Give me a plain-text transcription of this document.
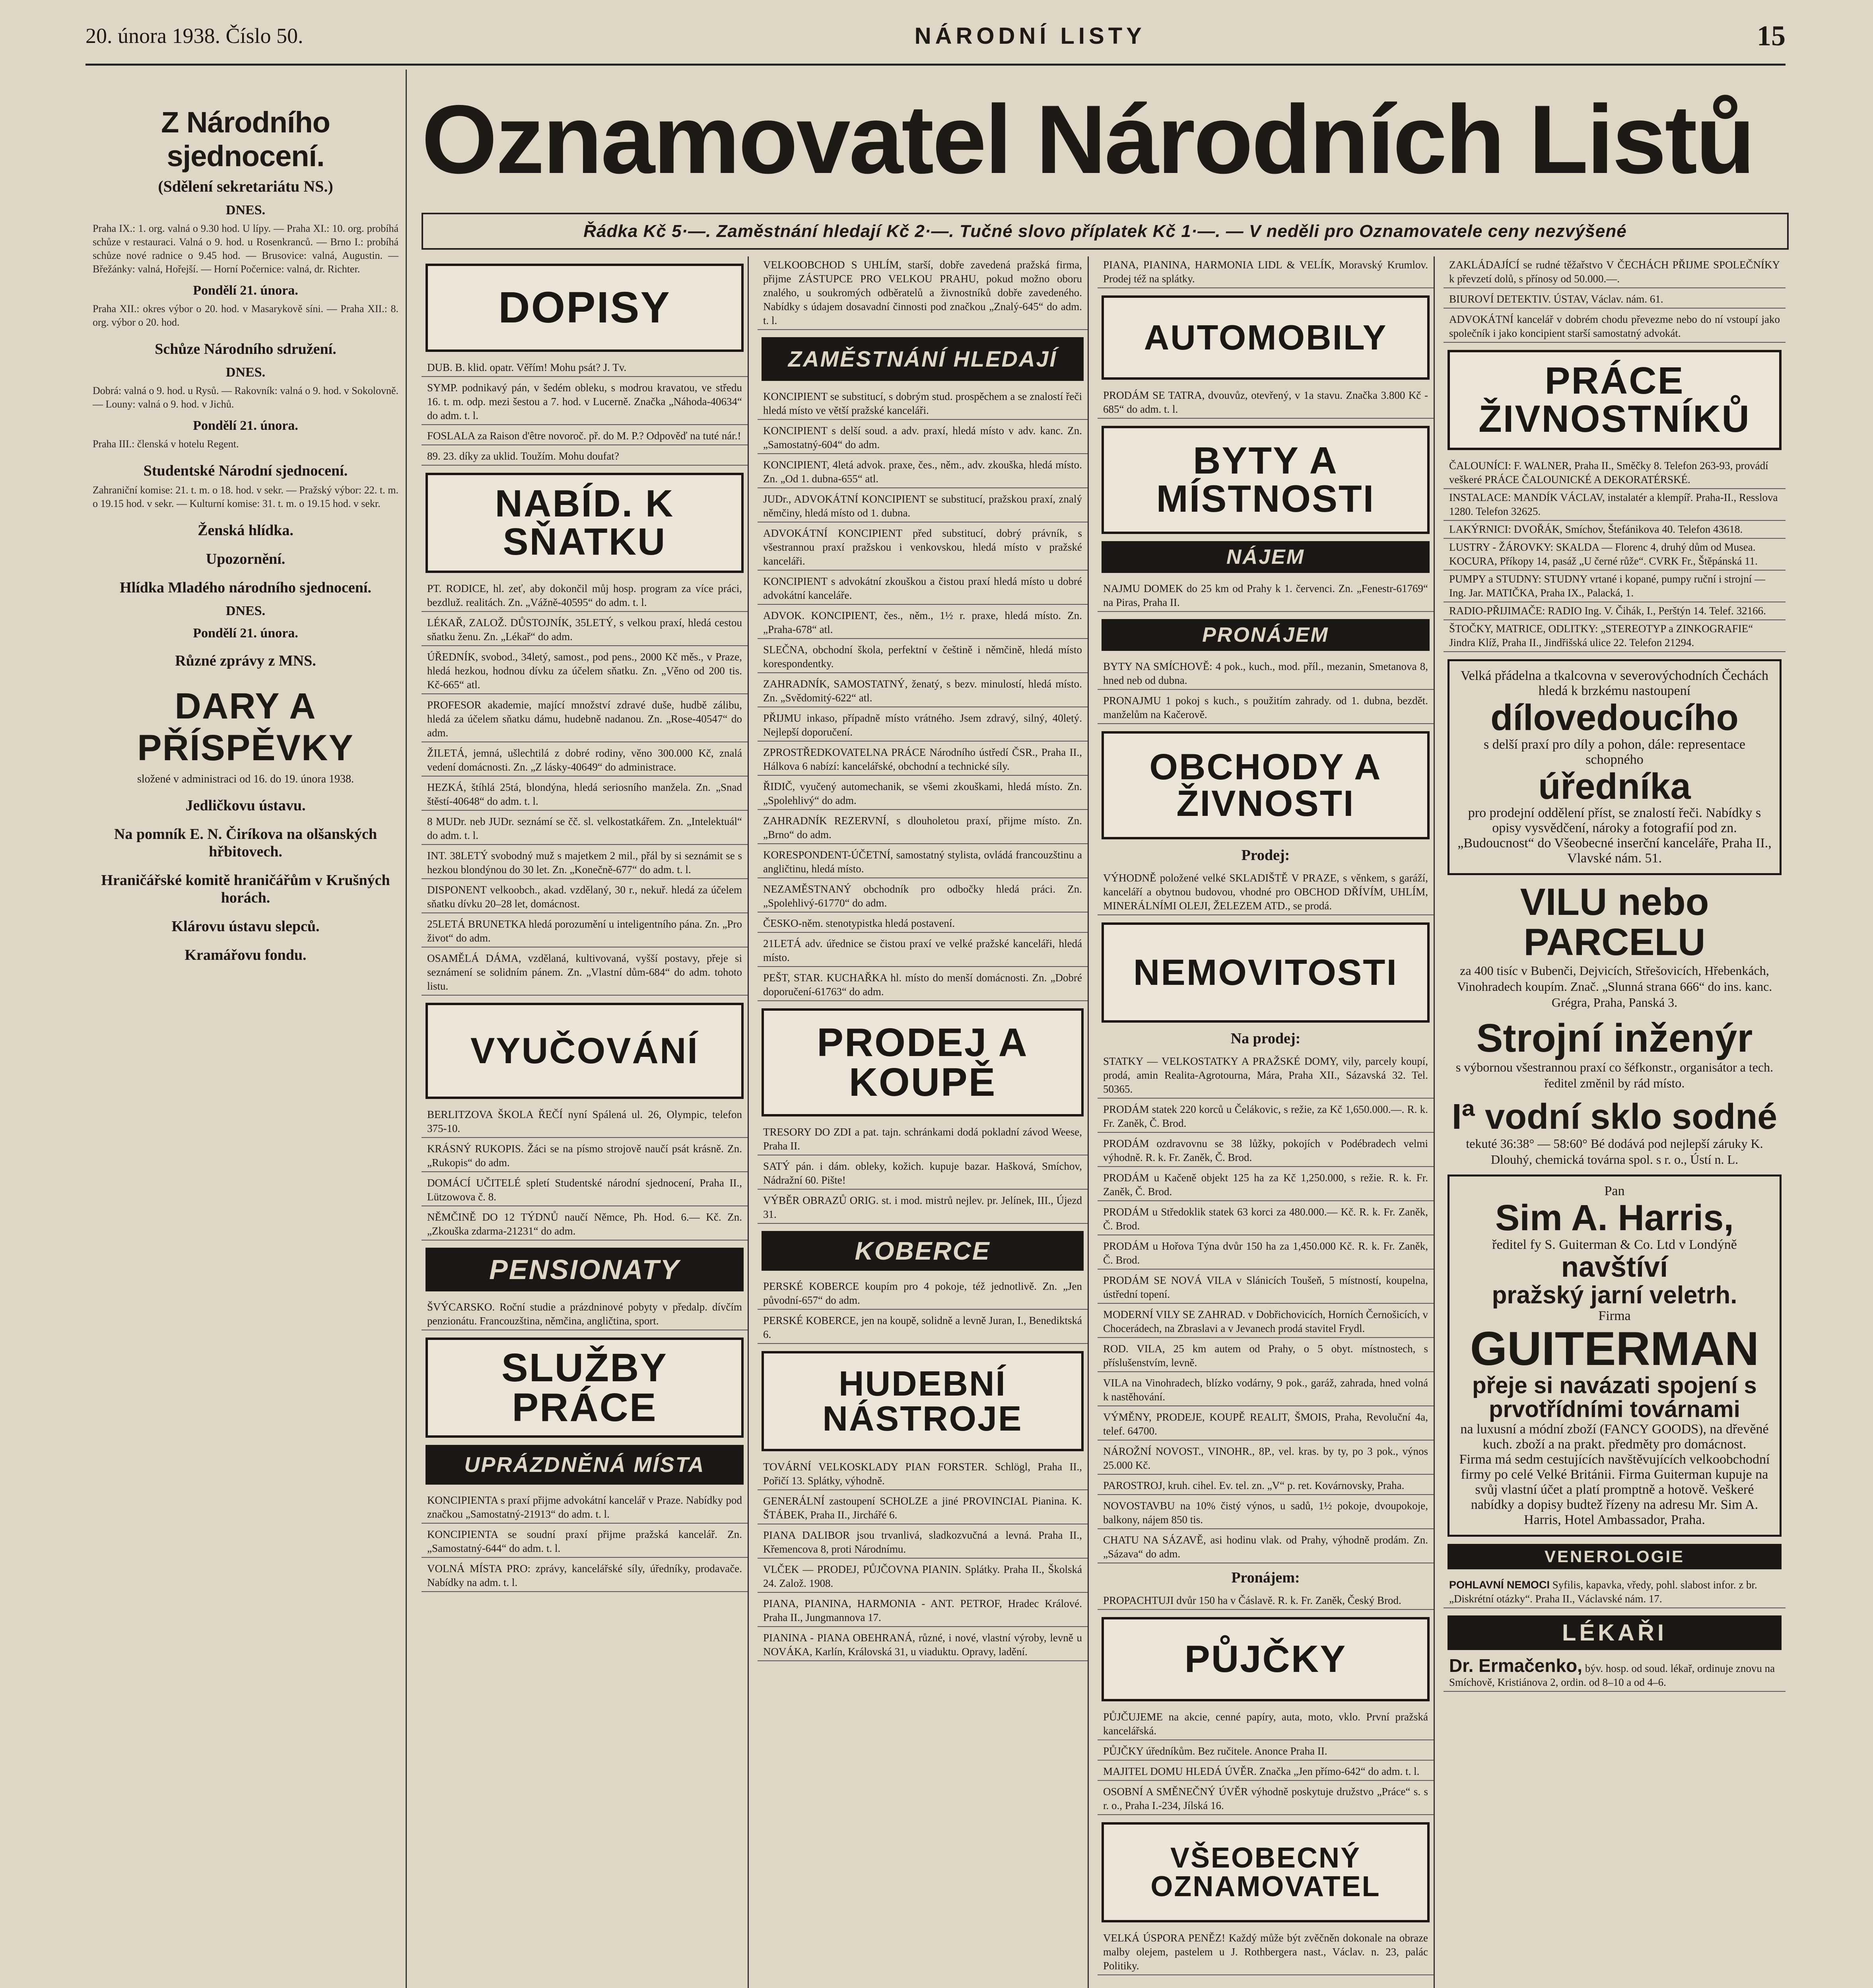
20. února 1938. Číslo 50.	NÁRODNÍ LISTY	15
Z Národního sjednocení.
(Sdělení sekretariátu NS.)
DNES.
Praha IX.: 1. org. valná o 9.30 hod. U lípy. — Praha XI.: 10. org. probíhá schůze v restauraci. Valná o 9. hod. u Rosenkranců. — Brno I.: probíhá schůze nové radnice o 9.45 hod. — Brusovice: valná, Augustin. — Břežánky: valná, Hořejší. — Horní Počernice: valná, dr. Richter.
Pondělí 21. února.
Praha XII.: okres výbor o 20. hod. v Masarykově síni. — Praha XII.: 8. org. výbor o 20. hod.
Schůze Národního sdružení.
DNES.
Dobrá: valná o 9. hod. u Rysů. — Rakovník: valná o 9. hod. v Sokolovně. — Louny: valná o 9. hod. v Jichů.
Pondělí 21. února.
Praha III.: členská v hotelu Regent.
Studentské Národní sjednocení.
Zahraniční komise: 21. t. m. o 18. hod. v sekr. — Pražský výbor: 22. t. m. o 19.15 hod. v sekr. — Kulturní komise: 31. t. m. o 19.15 hod. v sekr.
Ženská hlídka.
Upozornění.
Hlídka Mladého národního sjednocení.
DNES.
Pondělí 21. února.
Různé zprávy z MNS.
DARY A PŘÍSPĚVKY
složené v administraci od 16. do 19. února 1938.
Jedličkovu ústavu.
Na pomník E. N. Čiríkova na olšanských hřbitovech.
Hraničářské komitě hraničářům v Krušných horách.
Klárovu ústavu slepců.
Kramářovu fondu.
Oznamovatel Národních Listů
Řádka Kč 5·—. Zaměstnání hledají Kč 2·—. Tučné slovo příplatek Kč 1·—. — V neděli pro Oznamovatele ceny nezvýšené
DOPISY
DUB. B. klid. opatr. Věřím! Mohu psát? J. Tv.
SYMP. podnikavý pán, v šedém obleku, s modrou kravatou, ve středu 16. t. m. odp. mezi šestou a 7. hod. v Lucerně. Značka „Náhoda-40634“ do adm. t. l.
FOSLALA za Raison d'être novoroč. př. do M. P.? Odpověď na tuté nár.!
89. 23. díky za uklid. Toužím. Mohu doufat?
NABÍD. K SŇATKU
PT. RODICE, hl. zeť, aby dokončil můj hosp. program za více práci, bezdluž. realitách. Zn. „Vážně-40595“ do adm. t. l.
LÉKAŘ, ZALOŽ. DŮSTOJNÍK, 35LETÝ, s velkou praxí, hledá cestou sňatku ženu. Zn. „Lékař“ do adm.
ÚŘEDNÍK, svobod., 34letý, samost., pod pens., 2000 Kč měs., v Praze, hledá hezkou, hodnou dívku za účelem sňatku. Zn. „Věno od 200 tis. Kč-665“ atl.
PROFESOR akademie, mající množství zdravé duše, hudbě zálibu, hledá za účelem sňatku dámu, hudebně nadanou. Zn. „Rose-40547“ do adm.
ŽILETÁ, jemná, ušlechtilá z dobré rodiny, věno 300.000 Kč, znalá vedení domácnosti. Zn. „Z lásky-40649“ do administrace.
HEZKÁ, štíhlá 25tá, blondýna, hledá seriosního manžela. Zn. „Snad štěstí-40648“ do adm. t. l.
8 MUDr. neb JUDr. seznámí se čč. sl. velkostatkářem. Zn. „Intelektuál“ do adm. t. l.
INT. 38LETÝ svobodný muž s majetkem 2 mil., přál by si seznámit se s hezkou blondýnou do 30 let. Zn. „Konečně-677“ do adm. t. l.
DISPONENT velkoobch., akad. vzdělaný, 30 r., nekuř. hledá za účelem sňatku dívku 20–28 let, domácnost.
25LETÁ BRUNETKA hledá porozumění u inteligentního pána. Zn. „Pro život“ do adm.
OSAMĚLÁ DÁMA, vzdělaná, kultivovaná, vyšší postavy, přeje si seznámení se solidním pánem. Zn. „Vlastní dům-684“ do adm. tohoto listu.
VYUČOVÁNÍ
BERLITZOVA ŠKOLA ŘEČÍ nyní Spálená ul. 26, Olympic, telefon 375-10.
KRÁSNÝ RUKOPIS. Žáci se na písmo strojově naučí psát krásně. Zn. „Rukopis“ do adm.
DOMÁCÍ UČITELÉ spletí Studentské národní sjednocení, Praha II., Lützowova č. 8.
NĚMČINĚ DO 12 TÝDNŮ naučí Němce, Ph. Hod. 6.— Kč. Zn. „Zkouška zdarma-21231“ do adm.
PENSIONATY
ŠVÝCARSKO. Roční studie a prázdninové pobyty v předalp. dívčím penzionátu. Francouzština, němčina, angličtina, sport.
SLUŽBY PRÁCE
UPRÁZDNĚNÁ MÍSTA
KONCIPIENTA s praxí přijme advokátní kancelář v Praze. Nabídky pod značkou „Samostatný-21913“ do adm. t. l.
KONCIPIENTA se soudní praxí přijme pražská kancelář. Zn. „Samostatný-644“ do adm. t. l.
VOLNÁ MÍSTA PRO: zprávy, kancelářské síly, úředníky, prodavače. Nabídky na adm. t. l.
VELKOOBCHOD S UHLÍM, starší, dobře zavedená pražská firma, přijme ZÁSTUPCE PRO VELKOU PRAHU, pokud možno oboru znalého, u soukromých odběratelů a živnostníků dobře zavedeného. Nabídky s údajem dosavadní činnosti pod značkou „Znalý-645“ do adm. t. l.
ZAMĚSTNÁNÍ HLEDAJÍ
KONCIPIENT se substitucí, s dobrým stud. prospěchem a se znalostí řeči hledá místo ve větší pražské kanceláři.
KONCIPIENT s delší soud. a adv. praxí, hledá místo v adv. kanc. Zn. „Samostatný-604“ do adm.
KONCIPIENT, 4letá advok. praxe, čes., něm., adv. zkouška, hledá místo. Zn. „Od 1. dubna-655“ atl.
JUDr., ADVOKÁTNÍ KONCIPIENT se substitucí, pražskou praxí, znalý němčiny, hledá místo od 1. dubna.
ADVOKÁTNÍ KONCIPIENT před substitucí, dobrý právník, s všestrannou praxí pražskou i venkovskou, hledá místo v pražské kanceláři.
KONCIPIENT s advokátní zkouškou a čistou praxí hledá místo u dobré advokátní kanceláře.
ADVOK. KONCIPIENT, čes., něm., 1½ r. praxe, hledá místo. Zn. „Praha-678“ atl.
SLEČNA, obchodní škola, perfektní v češtině i němčině, hledá místo korespondentky.
ZAHRADNÍK, SAMOSTATNÝ, ženatý, s bezv. minulostí, hledá místo. Zn. „Svědomitý-622“ atl.
PŘIJMU inkaso, případně místo vrátného. Jsem zdravý, silný, 40letý. Nejlepší doporučení.
ZPROSTŘEDKOVATELNA PRÁCE Národního ústředí ČSR., Praha II., Hálkova 6 nabízí: kancelářské, obchodní a technické síly.
ŘIDIČ, vyučený automechanik, se všemi zkouškami, hledá místo. Zn. „Spolehlivý“ do adm.
ZAHRADNÍK REZERVNÍ, s dlouholetou praxí, přijme místo. Zn. „Brno“ do adm.
KORESPONDENT-ÚČETNÍ, samostatný stylista, ovládá francouzštinu a angličtinu, hledá místo.
NEZAMĚSTNANÝ obchodník pro odbočky hledá práci. Zn. „Spolehlivý-61770“ do adm.
ČESKO-něm. stenotypistka hledá postavení.
21LETÁ adv. úřednice se čistou praxí ve velké pražské kanceláři, hledá místo.
PEŠT, STAR. KUCHAŘKA hl. místo do menší domácnosti. Zn. „Dobré doporučení-61763“ do adm.
PRODEJ A KOUPĚ
TRESORY DO ZDI a pat. tajn. schránkami dodá pokladní závod Weese, Praha II.
SATÝ pán. i dám. obleky, kožich. kupuje bazar. Hašková, Smíchov, Nádražní 60. Pište!
VÝBĚR OBRAZŮ ORIG. st. i mod. mistrů nejlev. pr. Jelínek, III., Újezd 31.
KOBERCE
PERSKÉ KOBERCE koupím pro 4 pokoje, též jednotlivě. Zn. „Jen původní-657“ do adm.
PERSKÉ KOBERCE, jen na koupě, solidně a levně Juran, I., Benediktská 6.
HUDEBNÍ NÁSTROJE
TOVÁRNÍ VELKOSKLADY PIAN FORSTER. Schlögl, Praha II., Pořičí 13. Splátky, výhodně.
GENERÁLNÍ zastoupení SCHOLZE a jiné PROVINCIAL Pianina. K. ŠTÁBEK, Praha II., Jirchářé 6.
PIANA DALIBOR jsou trvanlivá, sladkozvučná a levná. Praha II., Křemencova 8, proti Národnímu.
VLČEK — PRODEJ, PŮJČOVNA PIANIN. Splátky. Praha II., Školská 24. Založ. 1908.
PIANA, PIANINA, HARMONIA - ANT. PETROF, Hradec Králové. Praha II., Jungmannova 17.
PIANINA - PIANA OBEHRANÁ, různé, i nové, vlastní výroby, levně u NOVÁKA, Karlín, Královská 31, u viaduktu. Opravy, ladění.
PIANA, PIANINA, HARMONIA LIDL & VELÍK, Moravský Krumlov. Prodej též na splátky.
AUTOMOBILY
PRODÁM SE TATRA, dvouvůz, otevřený, v 1a stavu. Značka 3.800 Kč - 685“ do adm. t. l.
BYTY A MÍSTNOSTI
NÁJEM
NAJMU DOMEK do 25 km od Prahy k 1. červenci. Zn. „Fenestr-61769“ na Piras, Praha II.
PRONÁJEM
BYTY NA SMÍCHOVĚ: 4 pok., kuch., mod. příl., mezanin, Smetanova 8, hned neb od dubna.
PRONAJMU 1 pokoj s kuch., s použitím zahrady. od 1. dubna, bezdět. manželům na Kačerově.
OBCHODY A ŽIVNOSTI
Prodej:
VÝHODNĚ položené velké SKLADIŠTĚ V PRAZE, s věnkem, s garáží, kanceláří a obytnou budovou, vhodné pro OBCHOD DŘÍVÍM, UHLÍM, MINERÁLNÍMI OLEJI, ŽELEZEM ATD., se prodá.
NEMOVITOSTI
Na prodej:
STATKY — VELKOSTATKY A PRAŽSKÉ DOMY, vily, parcely koupí, prodá, amin Realita-Agrotourna, Mára, Praha XII., Sázavská 32. Tel. 50365.
PRODÁM statek 220 korců u Čelákovic, s režie, za Kč 1,650.000.—. R. k. Fr. Zaněk, Č. Brod.
PRODÁM ozdravovnu se 38 lůžky, pokojích v Podébradech velmi výhodně. R. k. Fr. Zaněk, Č. Brod.
PRODÁM u Kačeně objekt 125 ha za Kč 1,250.000, s režie. R. k. Fr. Zaněk, Č. Brod.
PRODÁM u Středoklik statek 63 korci za 480.000.— Kč. R. k. Fr. Zaněk, Č. Brod.
PRODÁM u Hořova Týna dvůr 150 ha za 1,450.000 Kč. R. k. Fr. Zaněk, Č. Brod.
PRODÁM SE NOVÁ VILA v Slánicích Toušeň, 5 místností, koupelna, ústřední topení.
MODERNÍ VILY SE ZAHRAD. v Dobřichovicích, Horních Černošicích, v Chocerádech, na Zbraslavi a v Jevanech prodá stavitel Frydl.
ROD. VILA, 25 km autem od Prahy, o 5 obyt. místnostech, s příslušenstvím, levně.
VILA na Vinohradech, blízko vodárny, 9 pok., garáž, zahrada, hned volná k nastěhování.
VÝMĚNY, PRODEJE, KOUPĚ REALIT, ŠMOIS, Praha, Revoluční 4a, telef. 64700.
NÁROŽNÍ NOVOST., VINOHR., 8P., vel. kras. by ty, po 3 pok., výnos 25.000 Kč.
PAROSTROJ, kruh. cihel. Ev. tel. zn. „V“ p. ret. Kovárnovsky, Praha.
NOVOSTAVBU na 10% čistý výnos, u sadů, 1½ pokoje, dvoupokoje, balkony, nájem 850 tis.
CHATU NA SÁZAVĚ, asi hodinu vlak. od Prahy, výhodně prodám. Zn. „Sázava“ do adm.
Pronájem:
PROPACHTUJI dvůr 150 ha v Čáslavě. R. k. Fr. Zaněk, Český Brod.
PŮJČKY
PŮJČUJEME na akcie, cenné papíry, auta, moto, vklo. První pražská kancelářská.
PŮJČKY úředníkům. Bez ručitele. Anonce Praha II.
MAJITEL DOMU HLEDÁ ÚVĚR. Značka „Jen přímo-642“ do adm. t. l.
OSOBNÍ A SMĚNEČNÝ ÚVĚR výhodně poskytuje družstvo „Práce“ s. s r. o., Praha I.-234, Jílská 16.
VŠEOBECNÝ OZNAMOVATEL
VELKÁ ÚSPORA PENĚZ! Každý může být zvěčněn dokonale na obraze malby olejem, pastelem u J. Rothbergera nast., Václav. n. 23, palác Politiky.
ZAKLÁDAJÍCÍ se rudné těžařstvo V ČECHÁCH PŘIJME SPOLEČNÍKY k převzetí dolů, s přínosy od 50.000.—.
BIUROVÍ DETEKTIV. ÚSTAV, Václav. nám. 61.
ADVOKÁTNÍ kancelář v dobrém chodu převezme nebo do ní vstoupí jako společník i jako koncipient starší samostatný advokát.
PRÁCE ŽIVNOSTNÍKŮ
ČALOUNÍCI: F. WALNER, Praha II., Směčky 8. Telefon 263-93, provádí veškeré PRÁCE ČALOUNICKÉ A DEKORATÉRSKÉ.
INSTALACE: MANDÍK VÁCLAV, instalatér a klempíř. Praha-II., Resslova 1280. Telefon 32625.
LAKÝRNICI: DVOŘÁK, Smíchov, Štefánikova 40. Telefon 43618.
LUSTRY - ŽÁROVKY: SKALDA — Florenc 4, druhý dům od Musea. KOCURA, Příkopy 14, pasáž „U černé růže“. CVRK Fr., Štěpánská 11.
PUMPY a STUDNY: STUDNY vrtané i kopané, pumpy ruční i strojní — Ing. Jar. MATIČKA, Praha IX., Palacká, 1.
RADIO-PŘIJIMAČE: RADIO Ing. V. Čihák, I., Perštýn 14. Telef. 32166.
ŠTOČKY, MATRICE, ODLITKY: „STEREOTYP a ZINKOGRAFIE“ Jindra Klíž, Praha II., Jindřišská ulice 22. Telefon 21294.
Velká přádelna a tkalcovna v severovýchodních Čechách hledá k brzkému nastoupení
dílovedoucího
s delší praxí pro díly a pohon, dále: representace schopného
úředníka
pro prodejní oddělení příst, se znalostí řeči. Nabídky s opisy vysvědčení, nároky a fotografií pod zn. „Budoucnost“ do Všeobecné inserční kanceláře, Praha II., Vlavské nám. 51.
VILU nebo PARCELU
za 400 tisíc v Bubenči, Dejvicích, Střešovicích, Hřebenkách, Vinohradech koupím. Znač. „Slunná strana 666“ do ins. kanc. Grégra, Praha, Panská 3.
Strojní inženýr
s výbornou všestrannou praxí co šéfkonstr., organisátor a tech. ředitel změnil by rád místo.
Iª vodní sklo sodné
tekuté 36:38° — 58:60° Bé dodává pod nejlepší záruky K. Dlouhý, chemická továrna spol. s r. o., Ústí n. L.
Pan
Sim A. Harris,
ředitel fy S. Guiterman & Co. Ltd v Londýně
navštíví
pražský jarní veletrh.
Firma
GUITERMAN
přeje si navázati spojení s prvotřídními továrnami
na luxusní a módní zboží (FANCY GOODS), na dřevěné kuch. zboží a na prakt. předměty pro domácnost.
Firma má sedm cestujících navštěvujících velkoobchodní firmy po celé Velké Británii. Firma Guiterman kupuje na svůj vlastní účet a platí promptně a hotově. Veškeré nabídky a dopisy budtež řízeny na adresu Mr. Sim A. Harris, Hotel Ambassador, Praha.
VENEROLOGIE
POHLAVNÍ NEMOCI Syfilis, kapavka, vředy, pohl. slabost infor. z br. „Diskrétní otázky“. Praha II., Václavské nám. 17.
LÉKAŘI
Dr. Ermačenko, býv. hosp. od soud. lékař, ordinuje znovu na Smíchově, Kristiánova 2, ordin. od 8–10 a od 4–6.
